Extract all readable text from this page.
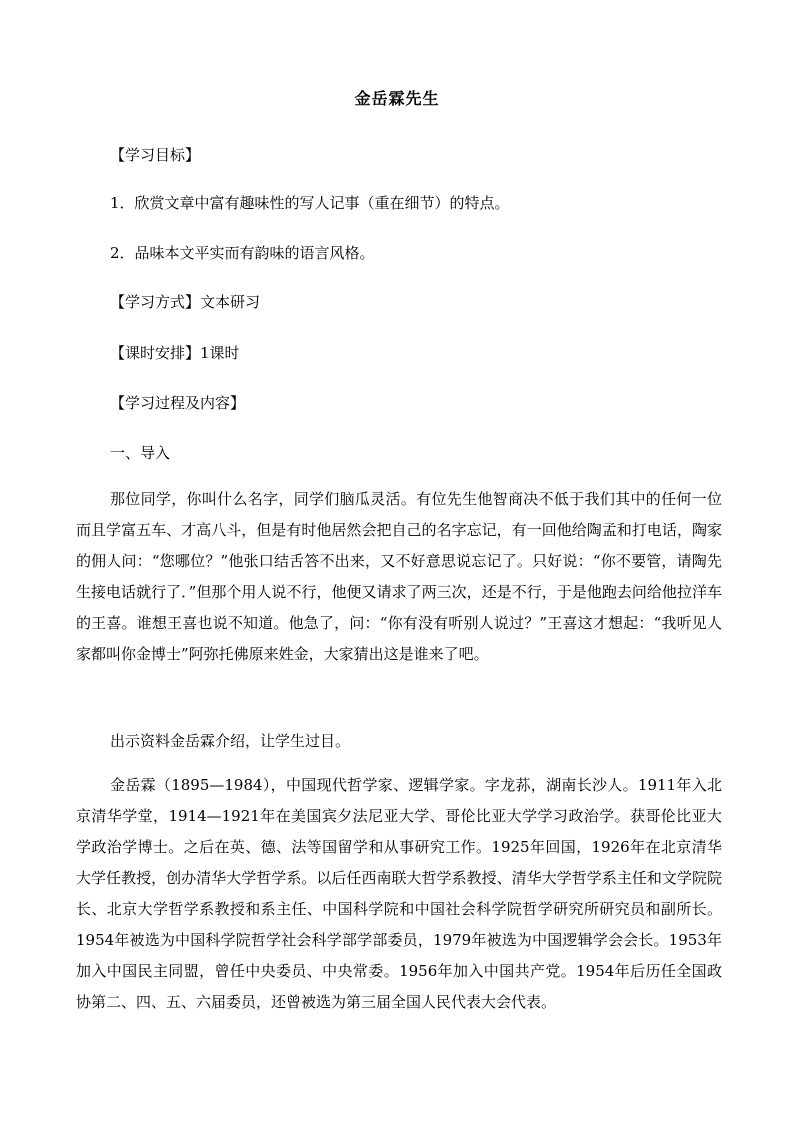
金岳霖先生
【学习目标】
1．欣赏文章中富有趣味性的写人记事（重在细节）的特点。
2．品味本文平实而有韵味的语言风格。
【学习方式】文本研习
【课时安排】1课时
【学习过程及内容】
一、导入

那位同学，你叫什么名字，同学们脑瓜灵活。有位先生他智商决不低于我们其中的任何一位而且学富五车、才高八斗，但是有时他居然会把自己的名字忘记，有一回他给陶孟和打电话，陶家的佣人问：“您哪位？”他张口结舌答不出来，又不好意思说忘记了。只好说：“你不要管，请陶先生接电话就行了．”但那个用人说不行，他便又请求了两三次，还是不行，于是他跑去问给他拉洋车的王喜。谁想王喜也说不知道。他急了，问：“你有没有听别人说过？”王喜这才想起：“我听见人家都叫你金博士”阿弥托佛原来姓金，大家猜出这是谁来了吧。

出示资料金岳霖介绍，让学生过目。

金岳霖（1895—1984），中国现代哲学家、逻辑学家。字龙荪，湖南长沙人。1911年入北京清华学堂，1914—1921年在美国宾夕法尼亚大学、哥伦比亚大学学习政治学。获哥伦比亚大学政治学博士。之后在英、德、法等国留学和从事研究工作。1925年回国，1926年在北京清华大学任教授，创办清华大学哲学系。以后任西南联大哲学系教授、清华大学哲学系主任和文学院院长、北京大学哲学系教授和系主任、中国科学院和中国社会科学院哲学研究所研究员和副所长。1954年被选为中国科学院哲学社会科学部学部委员，1979年被选为中国逻辑学会会长。1953年加入中国民主同盟，曾任中央委员、中央常委。1956年加入中国共产党。1954年后历任全国政协第二、四、五、六届委员，还曾被选为第三届全国人民代表大会代表。
